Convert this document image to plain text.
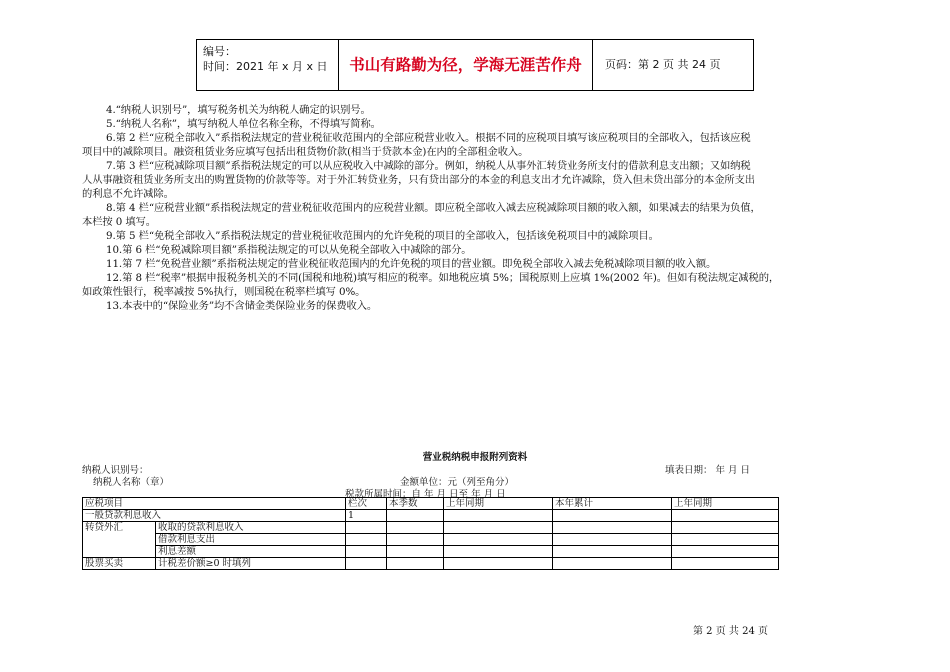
编号：
时间：2021 年 x 月 x 日	书山有路勤为径，学海无涯苦作舟	页码：第 2 页 共 24 页
4.“纳税人识别号”，填写税务机关为纳税人确定的识别号。
5.“纳税人名称”，填写纳税人单位名称全称，不得填写简称。
6.第 2 栏“应税全部收入”系指税法规定的营业税征收范围内的全部应税营业收入。根据不同的应税项目填写该应税项目的全部收入，包括该应税
项目中的减除项目。融资租赁业务应填写包括出租货物价款(相当于贷款本金)在内的全部租金收入。
7.第 3 栏“应税减除项目额”系指税法规定的可以从应税收入中减除的部分。例如，纳税人从事外汇转贷业务所支付的借款利息支出额；又如纳税
人从事融资租赁业务所支出的购置货物的价款等等。对于外汇转贷业务，只有贷出部分的本金的利息支出才允许减除，贷入但未贷出部分的本金所支出
的利息不允许减除。
8.第 4 栏“应税营业额”系指税法规定的营业税征收范围内的应税营业额。即应税全部收入减去应税减除项目额的收入额，如果减去的结果为负值，
本栏按 0 填写。
9.第 5 栏“免税全部收入”系指税法规定的营业税征收范围内的允许免税的项目的全部收入，包括该免税项目中的减除项目。
10.第 6 栏“免税减除项目额”系指税法规定的可以从免税全部收入中减除的部分。
11.第 7 栏“免税营业额”系指税法规定的营业税征收范围内的允许免税的项目的营业额。即免税全部收入减去免税减除项目额的收入额。
12.第 8 栏“税率”根据申报税务机关的不同(国税和地税)填写相应的税率。如地税应填 5%；国税原则上应填 1%(2002 年)。但如有税法规定减税的，
如政策性银行，税率减按 5%执行，则国税在税率栏填写 0%。
13.本表中的“保险业务”均不含储金类保险业务的保费收入。
营业税纳税申报附列资料
纳税人识别号：	填表日期： 年 月 日
纳税人名称（章）	金额单位：元（列至角分）
税款所属时间：自 年 月 日至 年 月 日
应税项目		栏次	本季数	上年同期	本年累计	上年同期
一般贷款利息收入		1				
转贷外汇	收取的贷款利息收入					
	借款利息支出					
	利息差额					
股票买卖	计税差价额≥0 时填列					
第 2 页 共 24 页
